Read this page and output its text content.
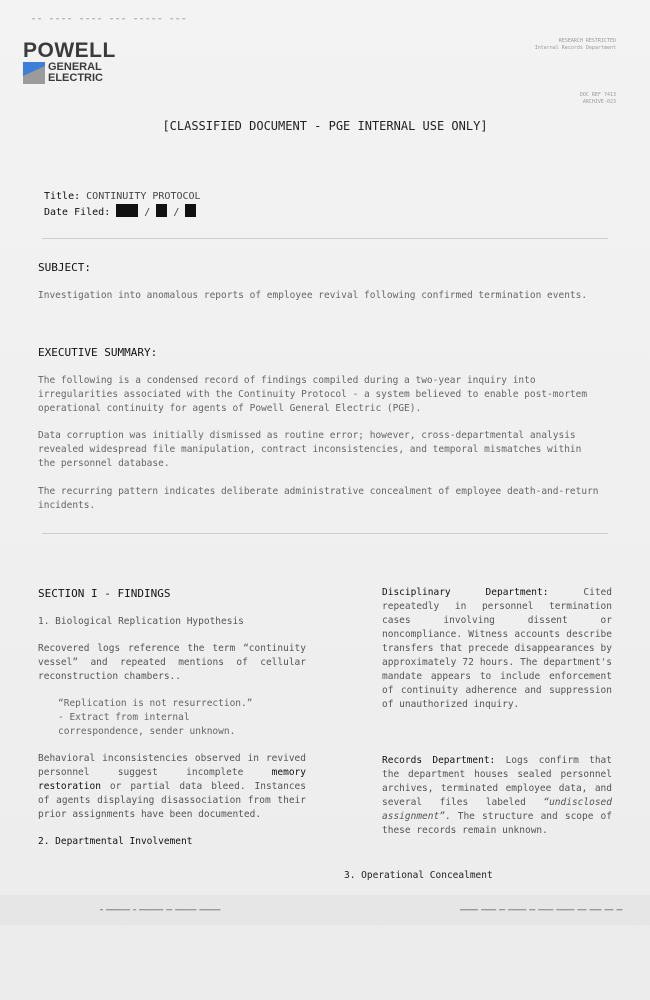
▬▬ ▬▬▬▬ ▬▬▬▬ ▬▬▬ ▬▬▬▬▬ ▬▬▬
POWELL
GENERAL
ELECTRIC
RESEARCH RESTRICTED
Internal Records Department
DOC REF 7413
ARCHIVE-023
[CLASSIFIED DOCUMENT - PGE INTERNAL USE ONLY]
Title: CONTINUITY PROTOCOL
Date Filed:	/ /
SUBJECT:
Investigation into anomalous reports of employee revival following confirmed termination events.
EXECUTIVE SUMMARY:
The following is a condensed record of findings compiled during a two-year inquiry into
irregularities associated with the Continuity Protocol - a system believed to enable post-mortem
operational continuity for agents of Powell General Electric (PGE).
Data corruption was initially dismissed as routine error; however, cross-departmental analysis
revealed widespread file manipulation, contract inconsistencies, and temporal mismatches within
the personnel database.
The recurring pattern indicates deliberate administrative concealment of employee death-and-return
incidents.
SECTION I - FINDINGS
1. Biological Replication Hypothesis
Recovered logs reference the term “continuity vessel” and repeated mentions of cellular reconstruction chambers..
“Replication is not resurrection.”
- Extract from internal
correspondence, sender unknown.
Behavioral inconsistencies observed in revived personnel suggest incomplete memory restoration or partial data bleed. Instances of agents displaying disassociation from their prior assignments have been documented.
2. Departmental Involvement
Disciplinary Department: Cited repeatedly in personnel termination cases involving dissent or noncompliance. Witness accounts describe transfers that precede disappearances by approximately 72 hours. The department's mandate appears to include enforcement of continuity adherence and suppression of unauthorized inquiry.
Records Department: Logs confirm that the department houses sealed personnel archives, terminated employee data, and several files labeled “undisclosed assignment”. The structure and scope of these records remain unknown.
3. Operational Concealment
▬ ▬▬▬▬▬▬▬▬ ▬ ▬▬▬▬▬▬▬▬ ▬▬ ▬▬▬▬▬▬▬ ▬▬▬▬▬▬▬	▬▬▬▬▬▬ ▬▬▬▬▬ ▬▬ ▬▬▬▬▬▬ ▬▬ ▬▬▬▬▬ ▬▬▬▬▬▬ ▬▬▬ ▬▬▬▬ ▬▬▬ ▬▬
